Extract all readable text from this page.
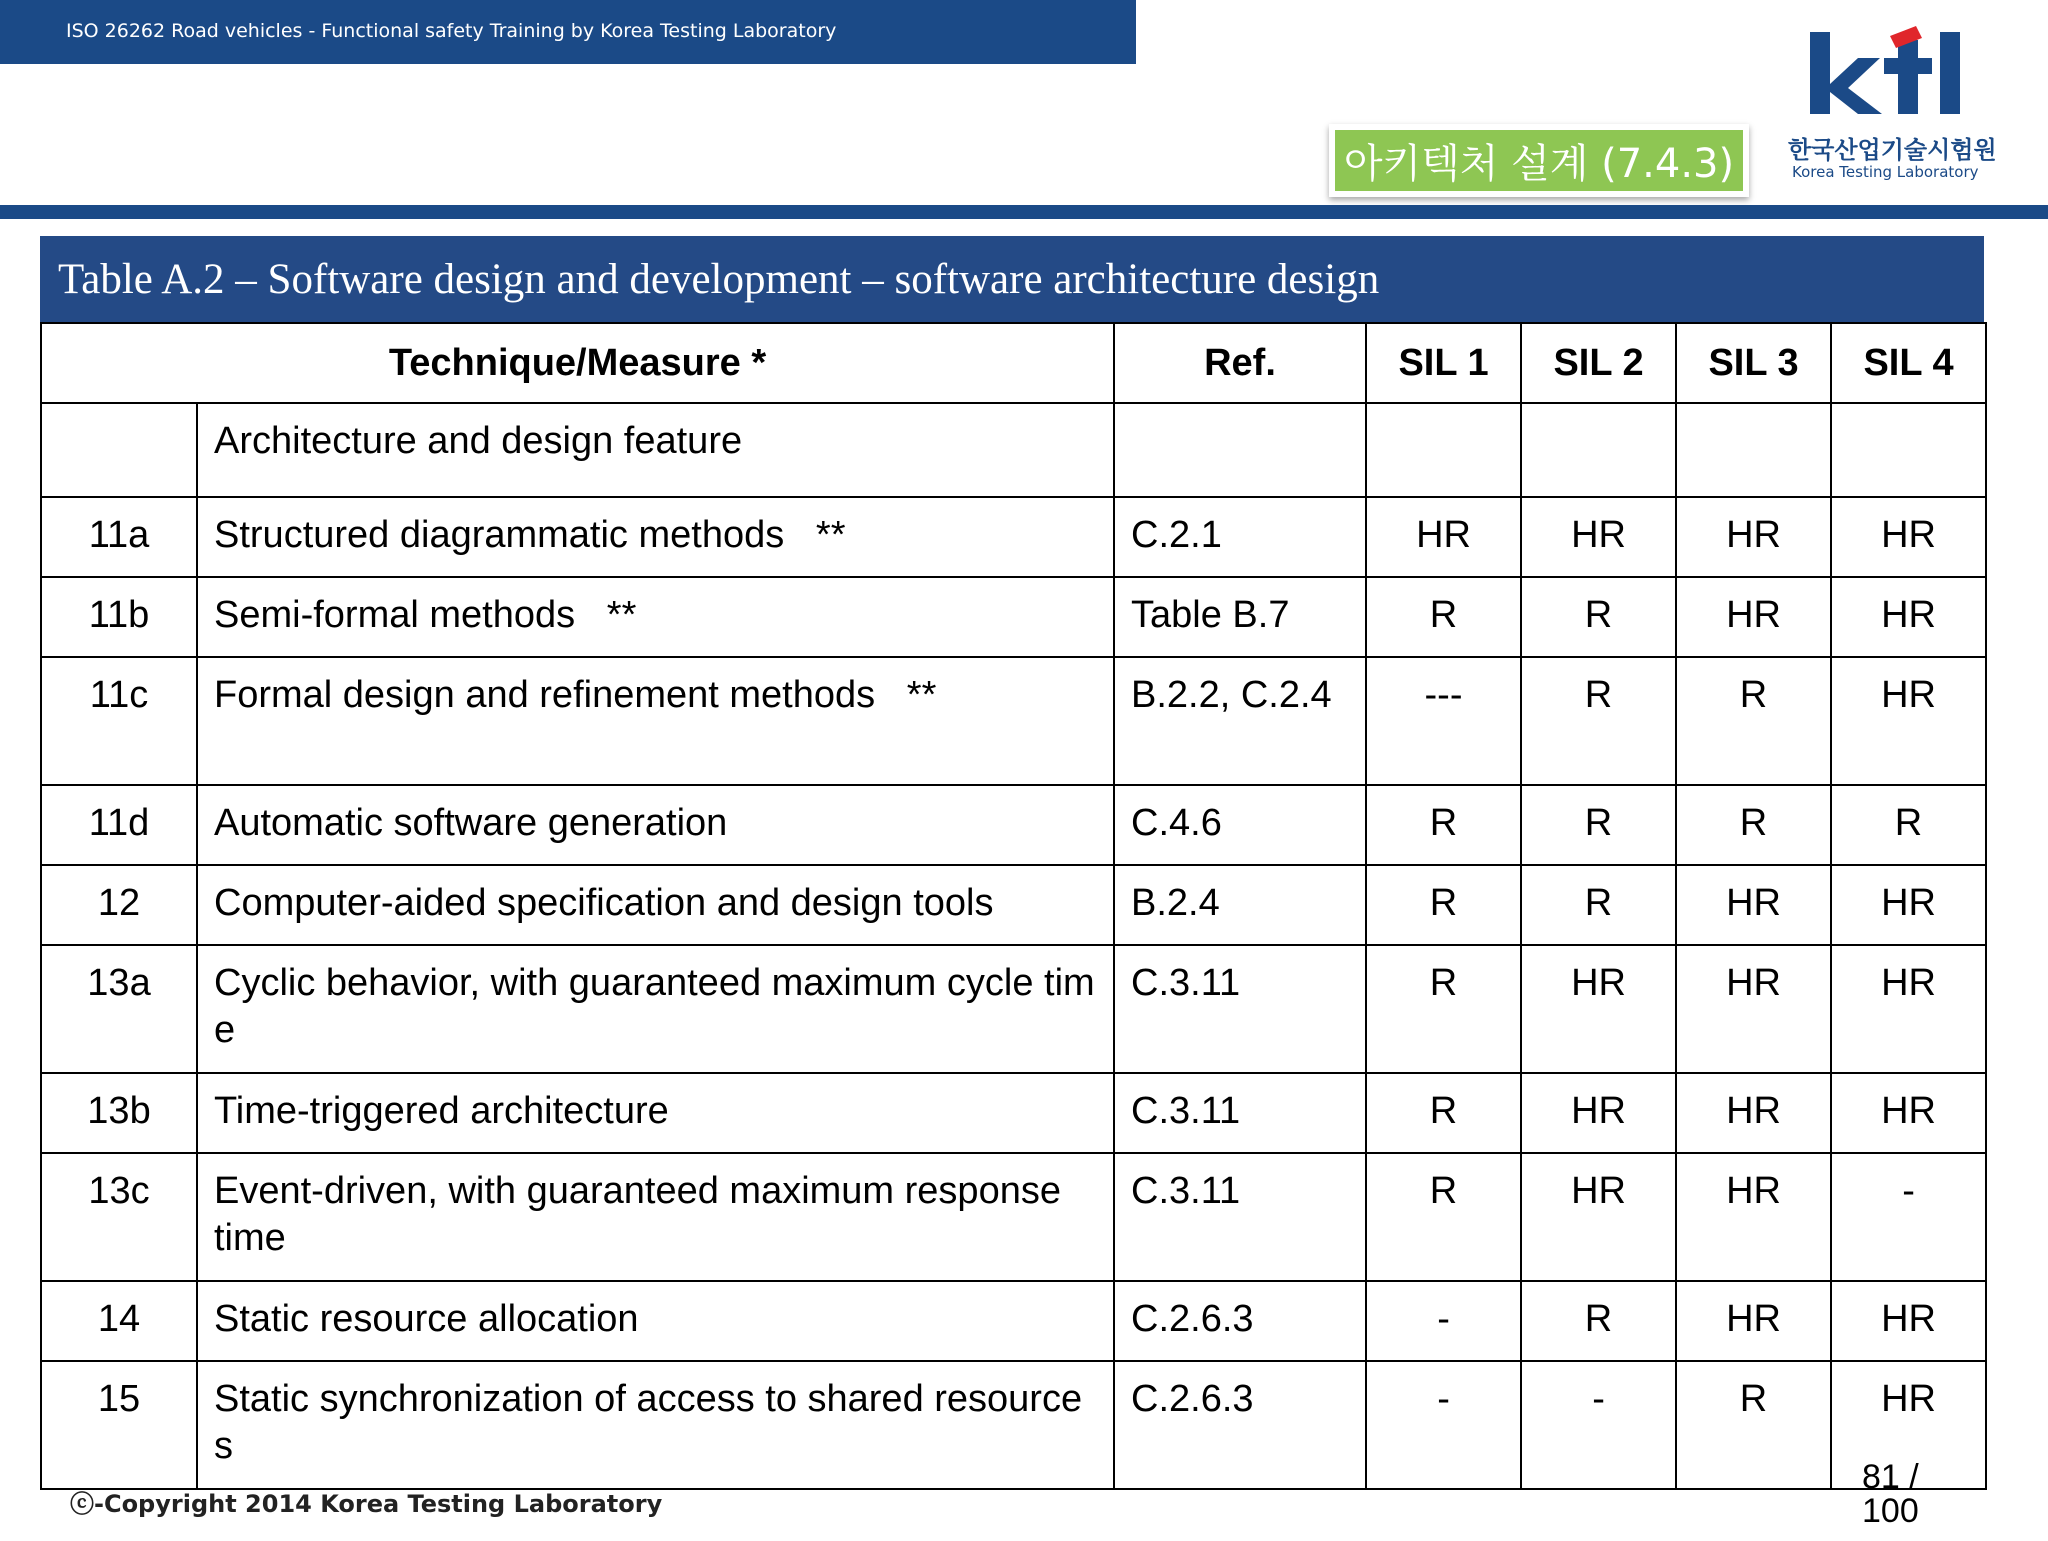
ISO 26262 Road vehicles - Functional safety Training by Korea Testing Laboratory
아키텍처 설계 (7.4.3)	한국산업기술시험원
Korea Testing Laboratory
Table A.2 – Software design and development – software architecture design
Technique/Measure *		Ref.	SIL 1	SIL 2	SIL 3	SIL 4
	Architecture and design feature					
11a	Structured diagrammatic methods   **	C.2.1	HR	HR	HR	HR
11b	Semi-formal methods   **	Table B.7	R	R	HR	HR
11c	Formal design and refinement methods   **	B.2.2, C.2.4	---	R	R	HR
11d	Automatic software generation	C.4.6	R	R	R	R
12	Computer-aided specification and design tools	B.2.4	R	R	HR	HR
13a	Cyclic behavior, with guaranteed maximum cycle time	C.3.11	R	HR	HR	HR
13b	Time-triggered architecture	C.3.11	R	HR	HR	HR
13c	Event-driven, with guaranteed maximum response time	C.3.11	R	HR	HR	-
14	Static resource allocation	C.2.6.3	-	R	HR	HR
15	Static synchronization of access to shared resources	C.2.6.3	-	-	R	HR
ⓒ-Copyright 2014 Korea Testing Laboratory
81 / 100
